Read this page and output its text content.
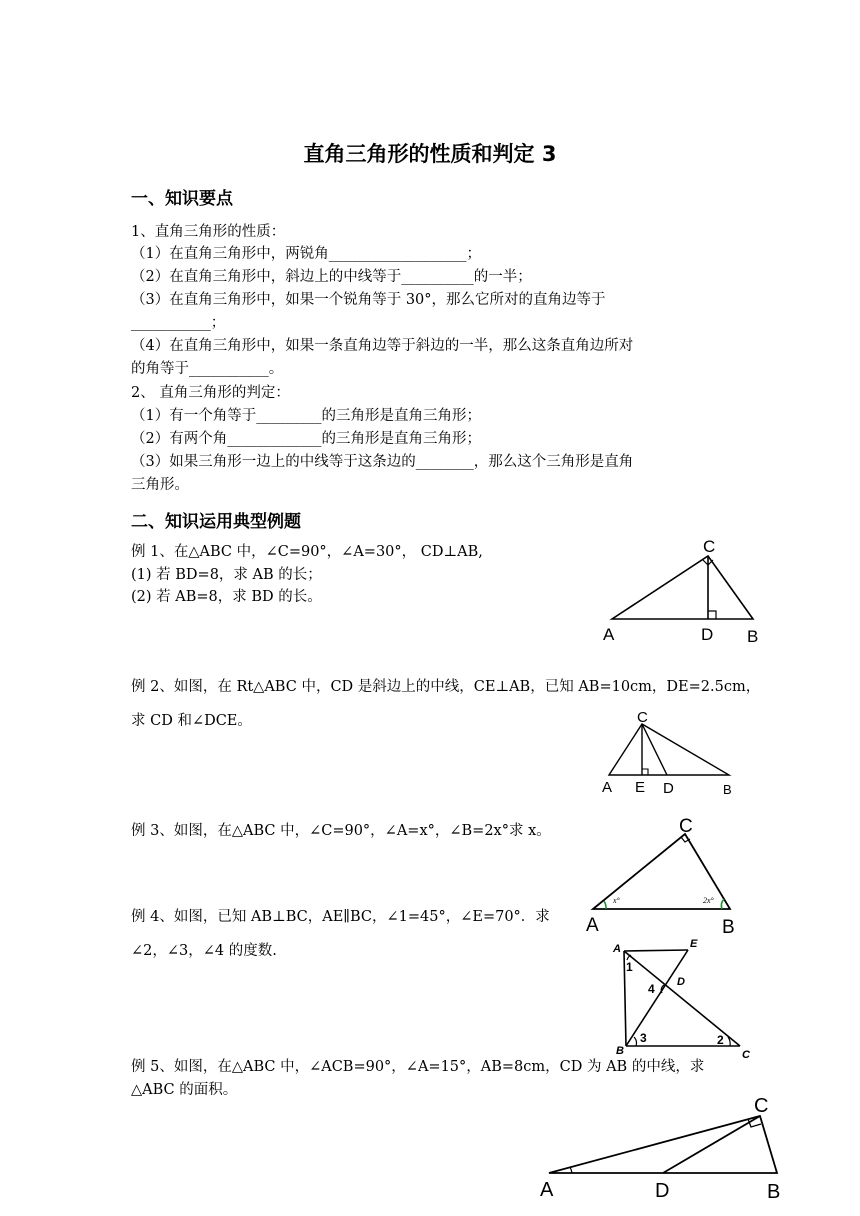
直角三角形的性质和判定 3
一、知识要点
1、直角三角形的性质：
（1）在直角三角形中，两锐角___________________；
（2）在直角三角形中，斜边上的中线等于__________的一半；
（3）在直角三角形中，如果一个锐角等于 30°，那么它所对的直角边等于
___________；
（4）在直角三角形中，如果一条直角边等于斜边的一半，那么这条直角边所对
的角等于___________。
2、 直角三角形的判定：
（1）有一个角等于_________的三角形是直角三角形；
（2）有两个角_____________的三角形是直角三角形；
（3）如果三角形一边上的中线等于这条边的________，那么这个三角形是直角
三角形。
二、知识运用典型例题
例 1、在△ABC 中，∠C=90°，∠A=30°， CD⊥AB,
(1) 若 BD=8，求 AB 的长；
(2) 若 AB=8，求 BD 的长。
例 2、如图，在 Rt△ABC 中，CD 是斜边上的中线，CE⊥AB，已知 AB=10cm，DE=2.5cm，
求 CD 和∠DCE。
例 3、如图，在△ABC 中，∠C=90°，∠A=x°，∠B=2x°求 x。
例 4、如图，已知 AB⊥BC，AE∥BC，∠1=45°，∠E=70°．求
∠2，∠3，∠4 的度数.
例 5、如图，在△ABC 中，∠ACB=90°，∠A=15°，AB=8cm，CD 为 AB 的中线，求
△ABC 的面积。
C
A	D B
C
A E D	B
C
A	B
x°	2x°
A	E
D
B	C
1
2
3
4
C
A	D	B
